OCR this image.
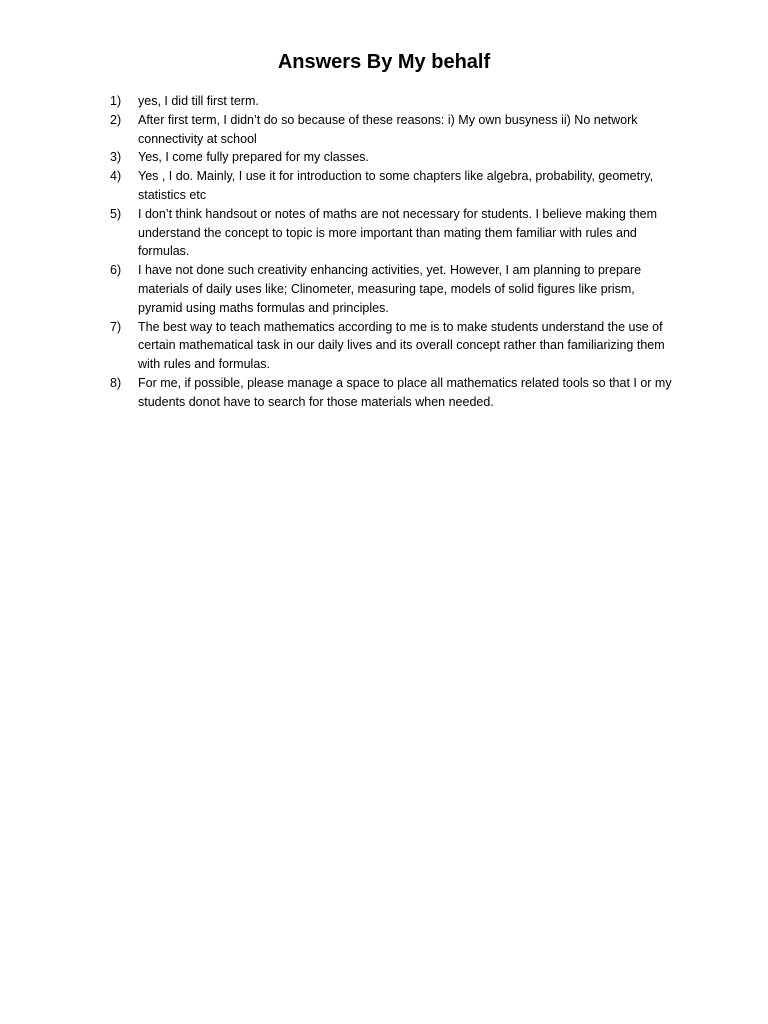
Answers By My behalf
1)	yes, I did till first term.
2)	After first term, I didn’t do so because of these reasons: i) My own busyness ii) No network connectivity at school
3)	Yes, I come fully prepared for my classes.
4)	Yes , I do. Mainly, I use it for introduction to some chapters like algebra, probability, geometry, statistics etc
5)	I don’t think handsout or notes of maths are not necessary for students. I believe making them understand the concept to topic is more important than mating them familiar with rules and formulas.
6)	I have not done such creativity enhancing activities, yet. However, I am planning to prepare materials of daily uses like; Clinometer, measuring tape, models of solid figures like prism, pyramid using maths formulas and principles.
7)	The best way to teach mathematics according to me is to make students understand the use of certain mathematical task in our daily lives and its overall concept rather than familiarizing them with rules and formulas.
8)	For me, if possible, please manage a space to place all mathematics related tools so that I or my students donot have to search for those materials when needed.
